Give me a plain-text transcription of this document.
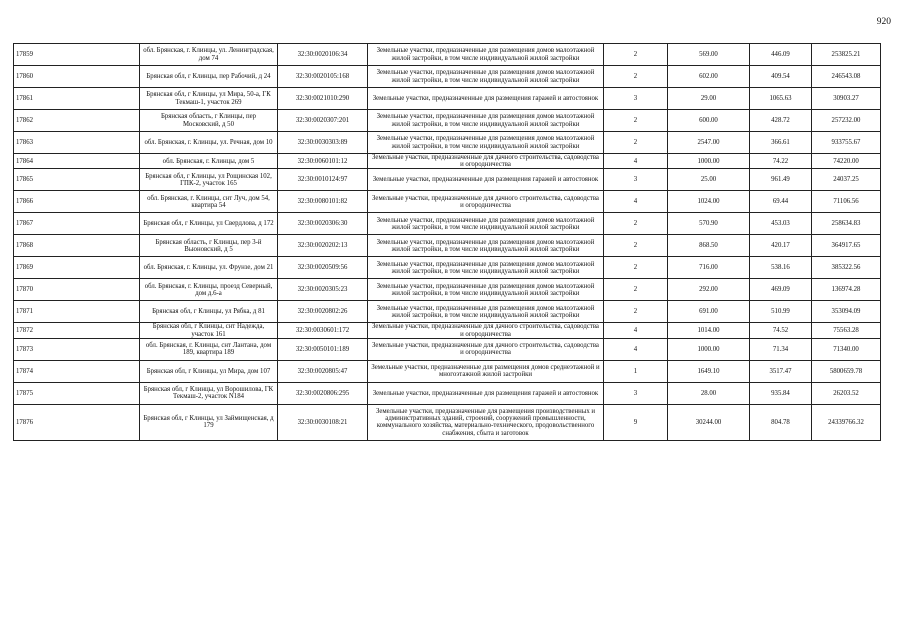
920
17859	обл. Брянская, г. Клинцы, ул. Ленинградская, дом 74	32:30:0020106:34	Земельные участки, предназначенные для размещения домов малоэтажной жилой застройки, в том числе индивидуальной жилой застройки	2	569.00	446.09	253825.21
17860	Брянская обл, г Клинцы, пер Рабочий, д 24	32:30:0020105:168	Земельные участки, предназначенные для размещения домов малоэтажной жилой застройки, в том числе индивидуальной жилой застройки	2	602.00	409.54	246543.08
17861	Брянская обл, г Клинцы, ул Мира, 50-а, ГК Текмаш-1, участок 269	32:30:0021010:290	Земельные участки, предназначенные для размещения гаражей и автостоянок	3	29.00	1065.63	30903.27
17862	Брянская область, г Клинцы, пер Московский, д 50	32:30:0020307:201	Земельные участки, предназначенные для размещения домов малоэтажной жилой застройки, в том числе индивидуальной жилой застройки	2	600.00	428.72	257232.00
17863	обл. Брянская, г. Клинцы, ул. Речная, дом 10	32:30:0030303:89	Земельные участки, предназначенные для размещения домов малоэтажной жилой застройки, в том числе индивидуальной жилой застройки	2	2547.00	366.61	933755.67
17864	обл. Брянская, г. Клинцы, дом 5	32:30:0060101:12	Земельные участки, предназначенные для дачного строительства, садоводства и огородничества	4	1000.00	74.22	74220.00
17865	Брянская обл, г Клинцы, ул Рощинская 102, ГПК-2, участок 165	32:30:0010124:97	Земельные участки, предназначенные для размещения гаражей и автостоянок	3	25.00	961.49	24037.25
17866	обл. Брянская, г. Клинцы, снт Луч, дом 54, квартира 54	32:30:0080101:82	Земельные участки, предназначенные для дачного строительства, садоводства и огородничества	4	1024.00	69.44	71106.56
17867	Брянская обл, г Клинцы, ул Свердлова, д 172	32:30:0020306:30	Земельные участки, предназначенные для размещения домов малоэтажной жилой застройки, в том числе индивидуальной жилой застройки	2	570.90	453.03	258634.83
17868	Брянская область, г Клинцы, пер 3-й Вьюновский, д 5	32:30:0020202:13	Земельные участки, предназначенные для размещения домов малоэтажной жилой застройки, в том числе индивидуальной жилой застройки	2	868.50	420.17	364917.65
17869	обл. Брянская, г. Клинцы, ул. Фрунзе, дом 21	32:30:0020509:56	Земельные участки, предназначенные для размещения домов малоэтажной жилой застройки, в том числе индивидуальной жилой застройки	2	716.00	538.16	385322.56
17870	обл. Брянская, г. Клинцы, проезд Северный, дом д.6-а	32:30:0020305:23	Земельные участки, предназначенные для размещения домов малоэтажной жилой застройки, в том числе индивидуальной жилой застройки	2	292.00	469.09	136974.28
17871	Брянская обл, г Клинцы, ул Рябка, д 81	32:30:0020802:26	Земельные участки, предназначенные для размещения домов малоэтажной жилой застройки, в том числе индивидуальной жилой застройки	2	691.00	510.99	353094.09
17872	Брянская обл, г Клинцы, снт Надежда, участок 161	32:30:0030601:172	Земельные участки, предназначенные для дачного строительства, садоводства и огородничества	4	1014.00	74.52	75563.28
17873	обл. Брянская, г. Клинцы, снт Лантана, дом 189, квартира 189	32:30:0050101:189	Земельные участки, предназначенные для дачного строительства, садоводства и огородничества	4	1000.00	71.34	71340.00
17874	Брянская обл, г Клинцы, ул Мира, дом 107	32:30:0020805:47	Земельные участки, предназначенные для размещения домов среднеэтажной и многоэтажной жилой застройки	1	1649.10	3517.47	5800659.78
17875	Брянская обл, г Клинцы, ул Ворошилова, ГК Текмаш-2, участок N184	32:30:0020806:295	Земельные участки, предназначенные для размещения гаражей и автостоянок	3	28.00	935.84	26203.52
17876	Брянская обл, г Клинцы, ул Займищенская, д 179	32:30:0030108:21	Земельные участки, предназначенные для размещения производственных и административных зданий, строений, сооружений промышленности, коммунального хозяйства, материально-технического, продовольственного снабжения, сбыта и заготовок	9	30244.00	804.78	24339766.32
